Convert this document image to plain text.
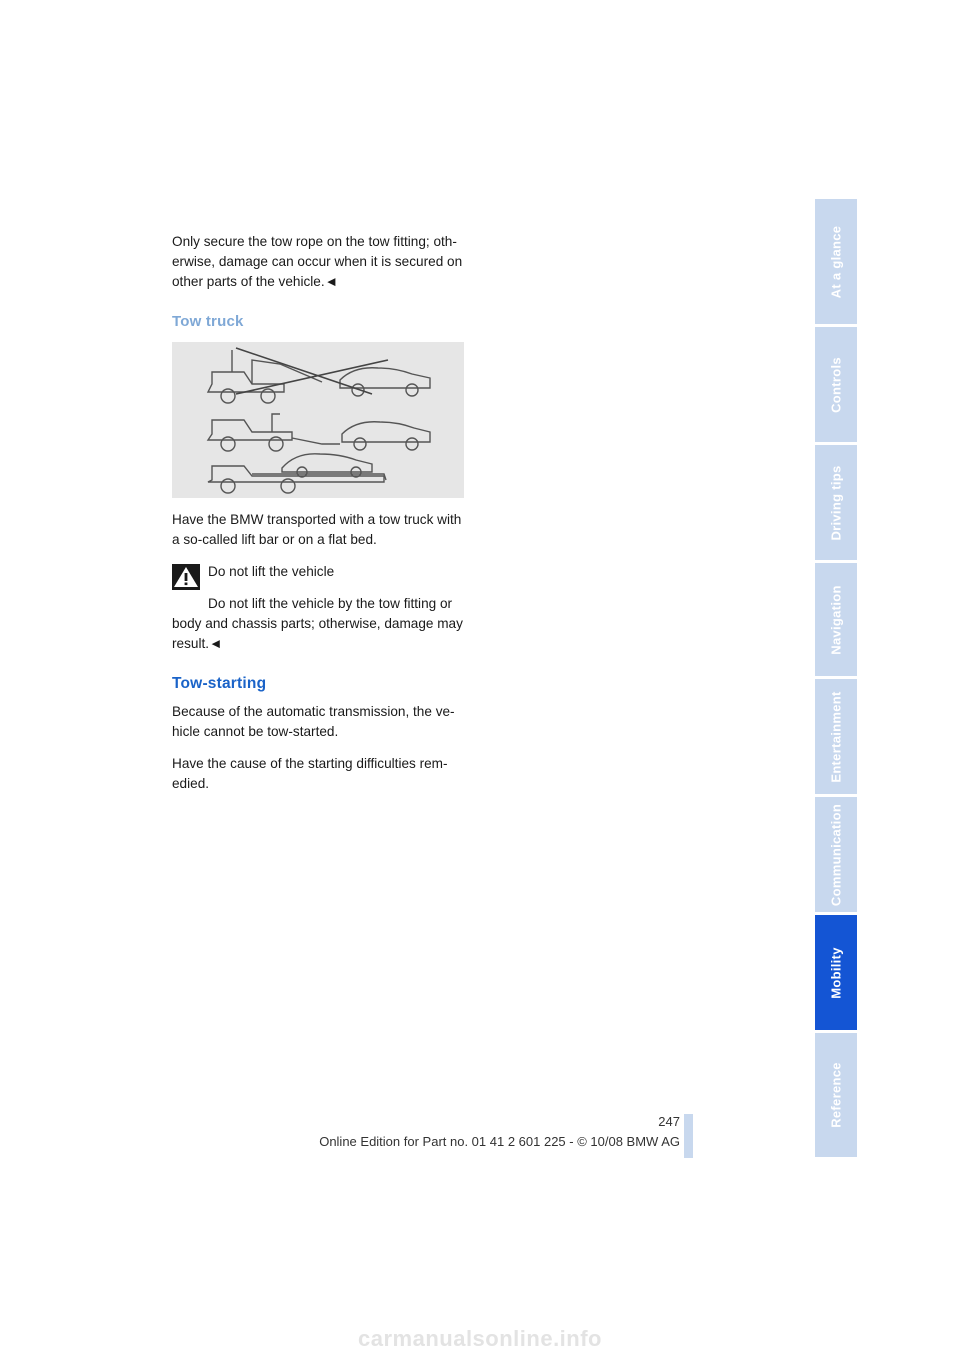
Only secure the tow rope on the tow fitting; oth-erwise, damage can occur when it is secured on other parts of the vehicle.◄

Tow truck

Have the BMW transported with a tow truck with a so-called lift bar or on a flat bed.

Do not lift the vehicle

Do not lift the vehicle by the tow fitting or body and chassis parts; otherwise, damage may result.◄

Tow-starting

Because of the automatic transmission, the ve-hicle cannot be tow-started.

Have the cause of the starting difficulties rem-edied.

At a glance
Controls
Driving tips
Navigation
Entertainment
Communication
Mobility
Reference
247
Online Edition for Part no. 01 41 2 601 225 - © 10/08 BMW AG
carmanualsonline.info
